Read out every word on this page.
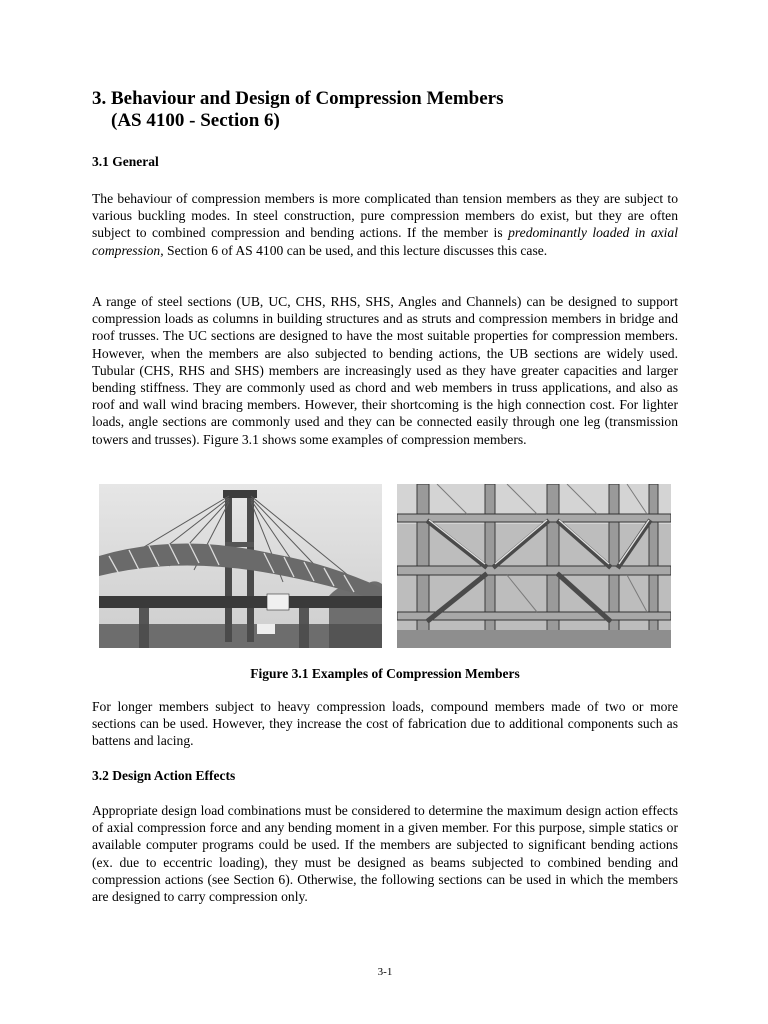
3. Behaviour and Design of Compression Members
(AS 4100 - Section 6)

3.1 General

The behaviour of compression members is more complicated than tension members as they are subject to various buckling modes. In steel construction, pure compression members do exist, but they are often subject to combined compression and bending actions. If the member is predominantly loaded in axial compression, Section 6 of AS 4100 can be used, and this lecture discusses this case.

A range of steel sections (UB, UC, CHS, RHS, SHS, Angles and Channels) can be designed to support compression loads as columns in building structures and as struts and compression members in bridge and roof trusses. The UC sections are designed to have the most suitable properties for compression members. However, when the members are also subjected to bending actions, the UB sections are widely used. Tubular (CHS, RHS and SHS) members are increasingly used as they have greater capacities and larger bending stiffness. They are commonly used as chord and web members in truss applications, and also as roof and wall wind bracing members. However, their shortcoming is the high connection cost. For lighter loads, angle sections are commonly used and they can be connected easily through one leg (transmission towers and trusses). Figure 3.1 shows some examples of compression members.

Figure 3.1 Examples of Compression Members

For longer members subject to heavy compression loads, compound members made of two or more sections can be used. However, they increase the cost of fabrication due to additional components such as battens and lacing.

3.2 Design Action Effects

Appropriate design load combinations must be considered to determine the maximum design action effects of axial compression force and any bending moment in a given member. For this purpose, simple statics or available computer programs could be used. If the members are subjected to significant bending actions (ex. due to eccentric loading), they must be designed as beams subjected to combined bending and compression actions (see Section 6). Otherwise, the following sections can be used in which the members are designed to carry compression only.

3-1
